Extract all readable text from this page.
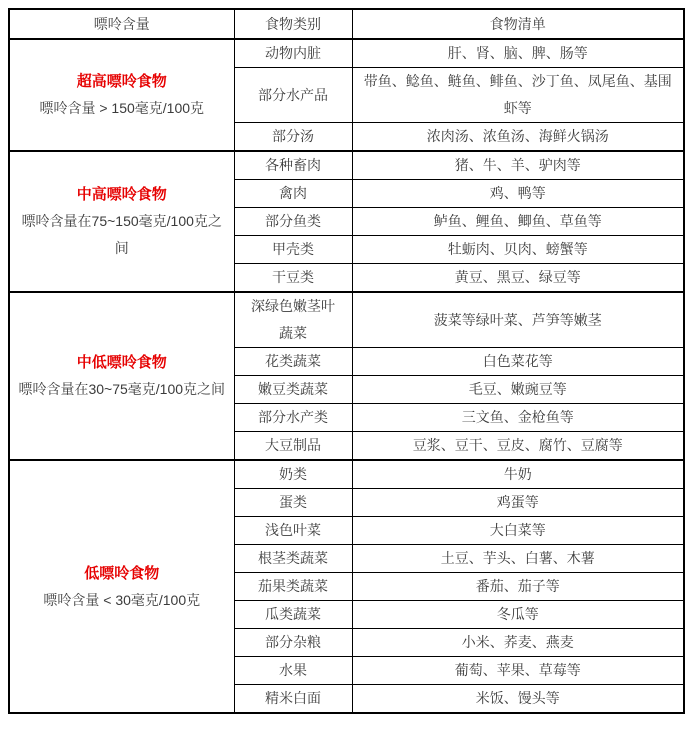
嘌呤含量	食物类别	食物清单

超高嘌呤食物
嘌呤含量 > 150毫克/100克	动物内脏	肝、肾、脑、脾、肠等
	部分水产品	带鱼、鲶鱼、鲢鱼、鲱鱼、沙丁鱼、凤尾鱼、基围虾等
	部分汤	浓肉汤、浓鱼汤、海鲜火锅汤

中高嘌呤食物
嘌呤含量在75~150毫克/100克之间	各种畜肉	猪、牛、羊、驴肉等
	禽肉	鸡、鸭等
	部分鱼类	鲈鱼、鲤鱼、鲫鱼、草鱼等
	甲壳类	牡蛎肉、贝肉、螃蟹等
	干豆类	黄豆、黑豆、绿豆等

中低嘌呤食物
嘌呤含量在30~75毫克/100克之间	深绿色嫩茎叶蔬菜	菠菜等绿叶菜、芦笋等嫩茎
	花类蔬菜	白色菜花等
	嫩豆类蔬菜	毛豆、嫩豌豆等
	部分水产类	三文鱼、金枪鱼等
	大豆制品	豆浆、豆干、豆皮、腐竹、豆腐等

低嘌呤食物
嘌呤含量 < 30毫克/100克	奶类	牛奶
	蛋类	鸡蛋等
	浅色叶菜	大白菜等
	根茎类蔬菜	土豆、芋头、白薯、木薯
	茄果类蔬菜	番茄、茄子等
	瓜类蔬菜	冬瓜等
	部分杂粮	小米、荞麦、燕麦
	水果	葡萄、苹果、草莓等
	精米白面	米饭、馒头等
